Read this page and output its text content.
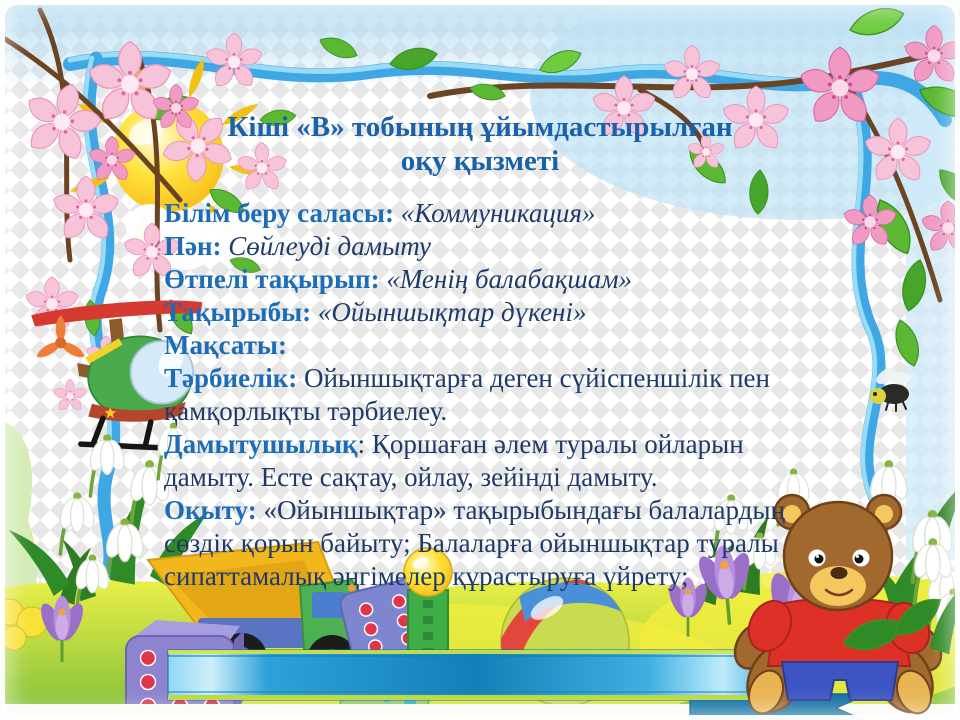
Кіші «В» тобының ұйымдастырылған
оқу қызметі

Білім беру саласы: «Коммуникация»

Пән: Сөйлеуді дамыту

Өтпелі тақырып: «Менің балабақшам»

Тақырыбы: «Ойыншықтар дүкені»

Мақсаты:

Тәрбиелік: Ойыншықтарға деген сүйіспеншілік пен қамқорлықты тәрбиелеу.

Дамытушылық: Қоршаған әлем туралы ойларын дамыту. Есте сақтау, ойлау, зейінді дамыту.

Оқыту: «Ойыншықтар» тақырыбындағы балалардың сөздік қорын байыту; Балаларға ойыншықтар туралы сипаттамалық әңгімелер құрастыруға үйрету;
